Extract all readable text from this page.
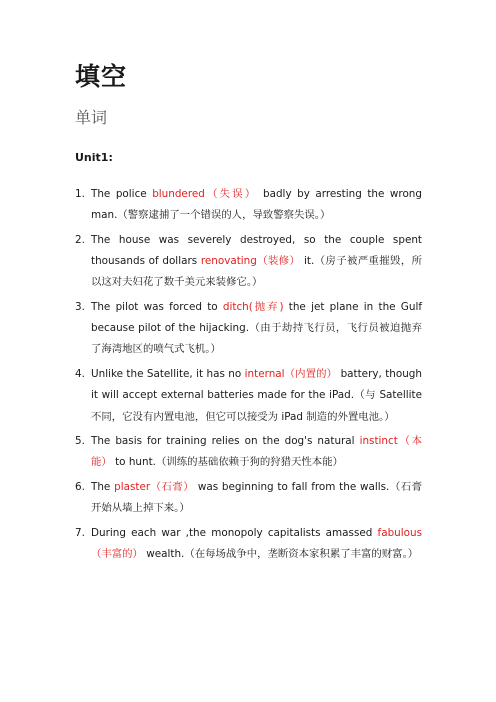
填空
单词
Unit1:
1. The police blundered（失误） badly by arresting the wrong man.（警察逮捕了一个错误的人，导致警察失误。）
2. The house was severely destroyed, so the couple spent thousands of dollars renovating（装修） it.（房子被严重摧毁，所以这对夫妇花了数千美元来装修它。）
3. The pilot was forced to ditch(抛弃) the jet plane in the Gulf because pilot of the hijacking.（由于劫持飞行员，飞行员被迫抛弃了海湾地区的喷气式飞机。）
4. Unlike the Satellite, it has no internal（内置的） battery, though it will accept external batteries made for the iPad.（与 Satellite 不同，它没有内置电池，但它可以接受为 iPad 制造的外置电池。）
5. The basis for training relies on the dog's natural instinct（本能） to hunt.（训练的基础依赖于狗的狩猎天性本能）
6. The plaster（石膏） was beginning to fall from the walls.（石膏开始从墙上掉下来。）
7. During each war ,the monopoly capitalists amassed fabulous（丰富的） wealth.（在每场战争中，垄断资本家积累了丰富的财富。）
